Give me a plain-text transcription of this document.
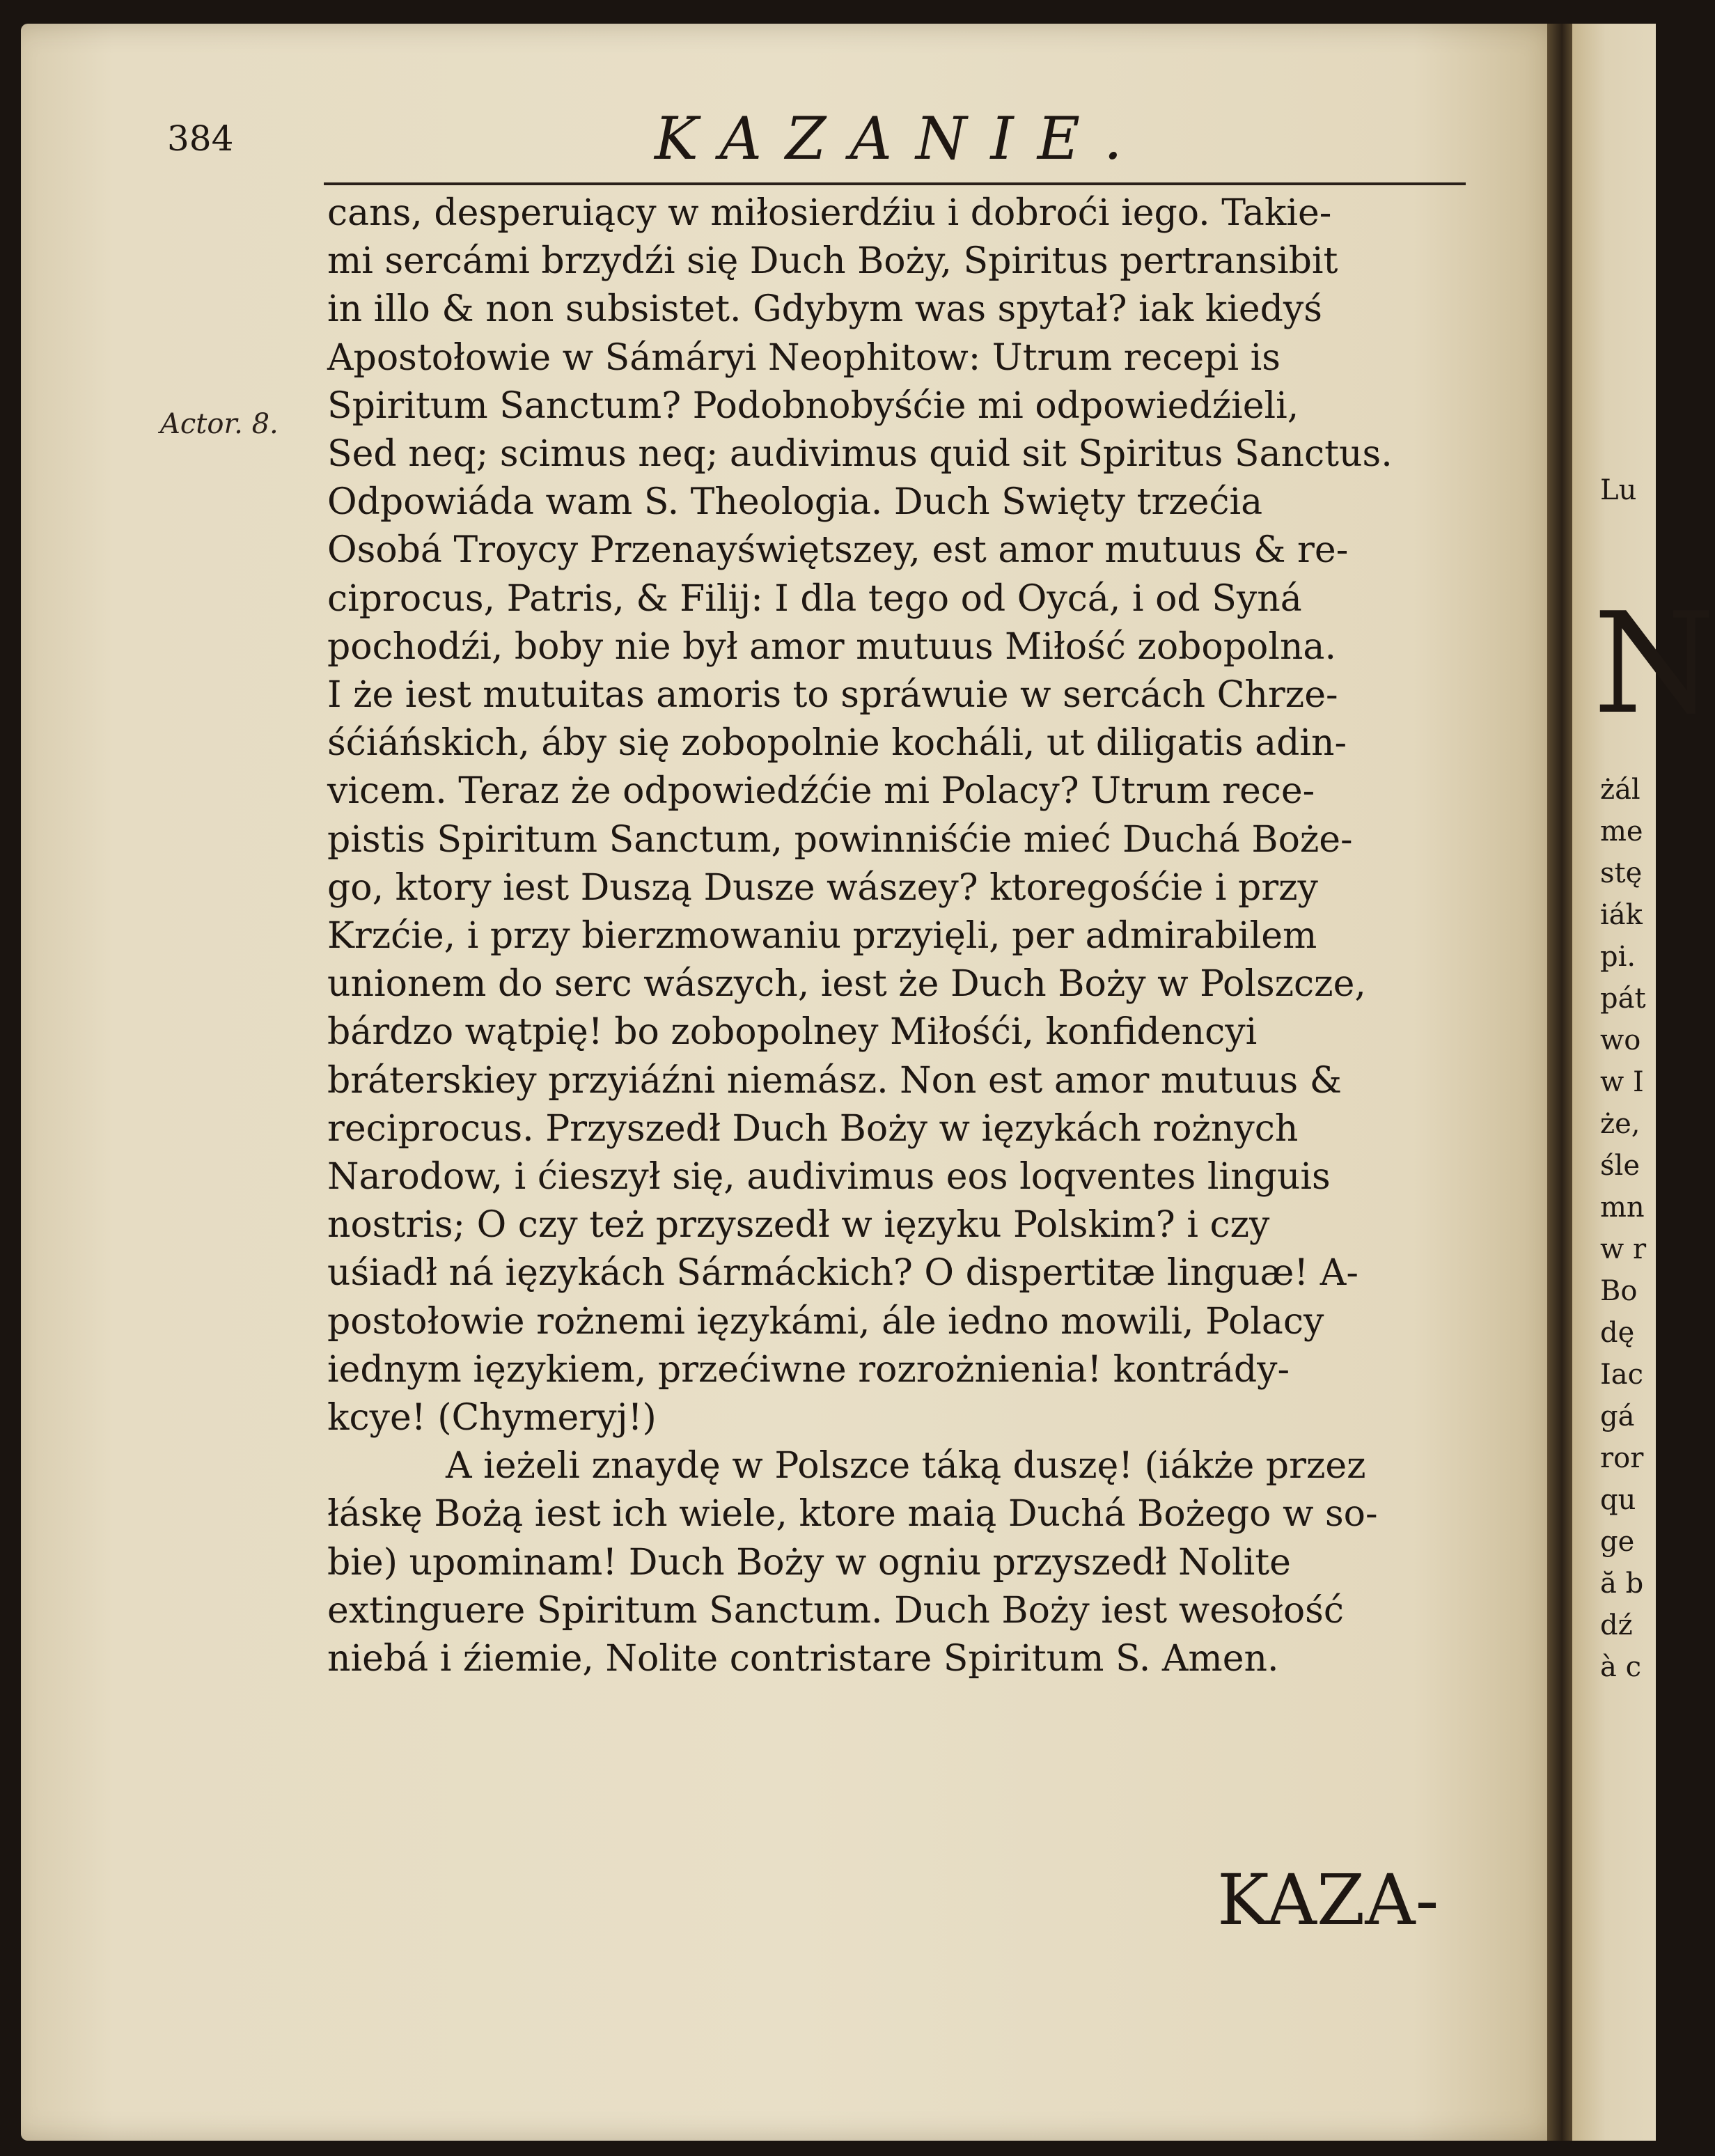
N
Lu
żál
me
stę
iák
pi.
pát
wo
w I
że,
śle
mn
w r
Bo
dę
Iac
gá
ror
qu
ge
ă b
dź
à c
384	KAZANIE.
Actor. 8.

cans, desperuiący w miłosierdźiu i dobroći iego. Takie-

mi sercámi brzydźi się Duch Boży, Spiritus pertransibit

in illo & non subsistet. Gdybym was spytał? iak kiedyś

Apostołowie w Sámáryi Neophitow: Utrum recepi is

Spiritum Sanctum? Podobnobyśćie mi odpowiedźieli,

Sed neq; scimus neq; audivimus quid sit Spiritus Sanctus.

Odpowiáda wam S. Theologia. Duch Swięty trzećia

Osobá Troycy Przenayświętszey, est amor mutuus & re-

ciprocus, Patris, & Filij: I dla tego od Oycá, i od Syná

pochodźi, boby nie był amor mutuus Miłość zobopolna.

I że iest mutuitas amoris to spráwuie w sercách Chrze-

śćiáńskich, áby się zobopolnie kocháli, ut diligatis adin-

vicem. Teraz że odpowiedźćie mi Polacy? Utrum rece-

pistis Spiritum Sanctum, powinniśćie mieć Duchá Boże-

go, ktory iest Duszą Dusze wászey? ktoregośćie i przy

Krzćie, i przy bierzmowaniu przyięli, per admirabilem

unionem do serc wászych, iest że Duch Boży w Polszcze,

bárdzo wątpię! bo zobopolney Miłośći, konfidencyi

bráterskiey przyiáźni niemász. Non est amor mutuus &

reciprocus. Przyszedł Duch Boży w ięzykách rożnych

Narodow, i ćieszył się, audivimus eos loqventes linguis

nostris; O czy też przyszedł w ięzyku Polskim? i czy

uśiadł ná ięzykách Sármáckich? O dispertitæ linguæ! A-

postołowie rożnemi ięzykámi, ále iedno mowili, Polacy

iednym ięzykiem, przećiwne rozrożnienia! kontrády-

kcye! (Chymeryj!)

A ieżeli znaydę w Polszce táką duszę! (iákże przez

łáskę Bożą iest ich wiele, ktore maią Duchá Bożego w so-

bie) upominam! Duch Boży w ogniu przyszedł Nolite

extinguere Spiritum Sanctum. Duch Boży iest wesołość

niebá i źiemie, Nolite contristare Spiritum S. Amen.

KAZA-
